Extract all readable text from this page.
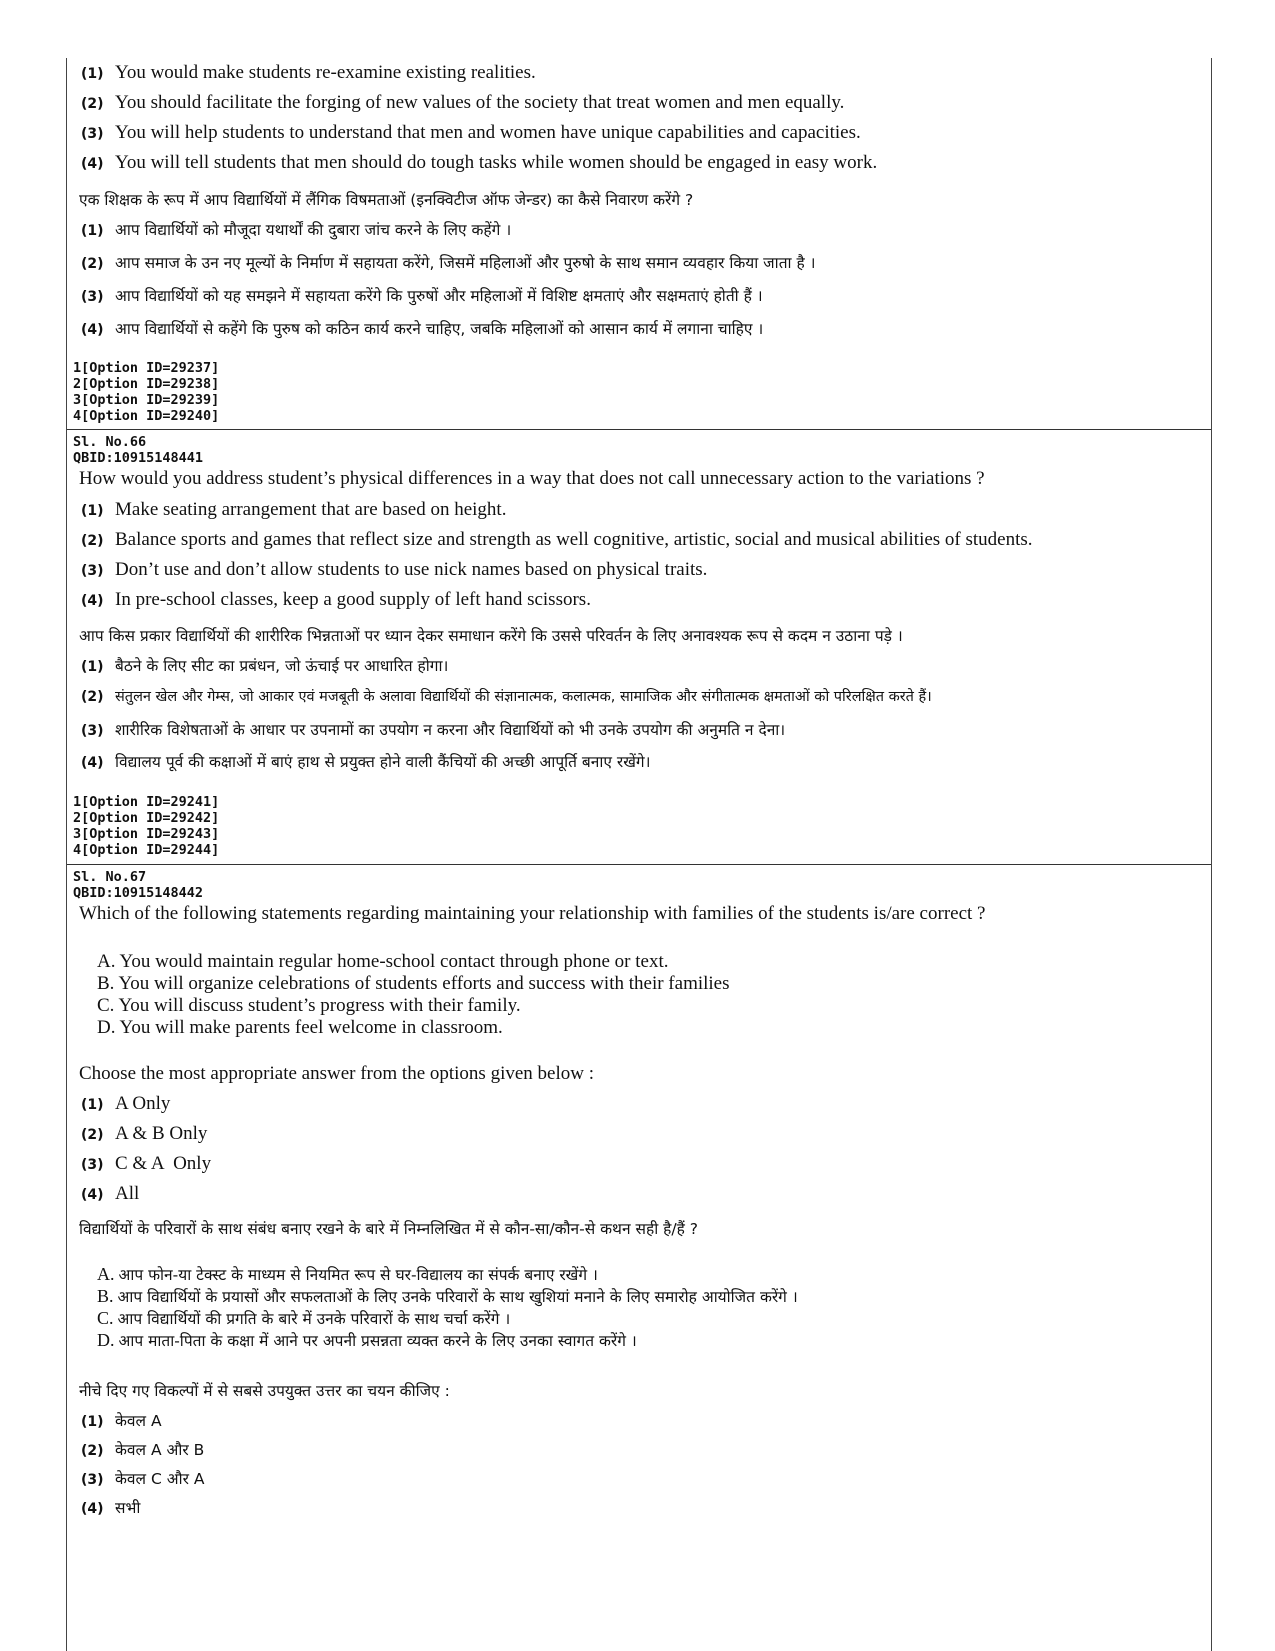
(1) You would make students re-examine existing realities.
(2) You should facilitate the forging of new values of the society that treat women and men equally.
(3) You will help students to understand that men and women have unique capabilities and capacities.
(4) You will tell students that men should do tough tasks while women should be engaged in easy work.
एक शिक्षक के रूप में आप विद्यार्थियों में लैंगिक विषमताओं (इनक्विटीज ऑफ जेन्डर) का कैसे निवारण करेंगे ?
(1) आप विद्यार्थियों को मौजूदा यथार्थों की दुबारा जांच करने के लिए कहेंगे ।
(2) आप समाज के उन नए मूल्यों के निर्माण में सहायता करेंगे, जिसमें महिलाओं और पुरुषो के साथ समान व्यवहार किया जाता है ।
(3) आप विद्यार्थियों को यह समझने में सहायता करेंगे कि पुरुषों और महिलाओं में विशिष्ट क्षमताएं और सक्षमताएं होती हैं ।
(4) आप विद्यार्थियों से कहेंगे कि पुरुष को कठिन कार्य करने चाहिए, जबकि महिलाओं को आसान कार्य में लगाना चाहिए ।
1[Option ID=29237]
2[Option ID=29238]
3[Option ID=29239]
4[Option ID=29240]
Sl. No.66
QBID:10915148441
How would you address student’s physical differences in a way that does not call unnecessary action to the variations ?
(1) Make seating arrangement that are based on height.
(2) Balance sports and games that reflect size and strength as well cognitive, artistic, social and musical abilities of students.
(3) Don’t use and don’t allow students to use nick names based on physical traits.
(4) In pre-school classes, keep a good supply of left hand scissors.
आप किस प्रकार विद्यार्थियों की शारीरिक भिन्नताओं पर ध्यान देकर समाधान करेंगे कि उससे परिवर्तन के लिए अनावश्यक रूप से कदम न उठाना पड़े ।
(1) बैठने के लिए सीट का प्रबंधन, जो ऊंचाई पर आधारित होगा।
(2) संतुलन खेल और गेम्स, जो आकार एवं मजबूती के अलावा विद्यार्थियों की संज्ञानात्मक, कलात्मक, सामाजिक और संगीतात्मक क्षमताओं को परिलक्षित करते हैं।
(3) शारीरिक विशेषताओं के आधार पर उपनामों का उपयोग न करना और विद्यार्थियों को भी उनके उपयोग की अनुमति न देना।
(4) विद्यालय पूर्व की कक्षाओं में बाएं हाथ से प्रयुक्त होने वाली कैंचियों की अच्छी आपूर्ति बनाए रखेंगे।
1[Option ID=29241]
2[Option ID=29242]
3[Option ID=29243]
4[Option ID=29244]
Sl. No.67
QBID:10915148442
Which of the following statements regarding maintaining your relationship with families of the students is/are correct ?
A. You would maintain regular home-school contact through phone or text.
B. You will organize celebrations of students efforts and success with their families
C. You will discuss student’s progress with their family.
D. You will make parents feel welcome in classroom.
Choose the most appropriate answer from the options given below :
(1) A Only
(2) A & B Only
(3) C & A  Only
(4) All
विद्यार्थियों के परिवारों के साथ संबंध बनाए रखने के बारे में निम्नलिखित में से कौन-सा/कौन-से कथन सही है/हैं ?
A. आप फोन-या टेक्स्ट के माध्यम से नियमित रूप से घर-विद्यालय का संपर्क बनाए रखेंगे ।
B. आप विद्यार्थियों के प्रयासों और सफलताओं के लिए उनके परिवारों के साथ खुशियां मनाने के लिए समारोह आयोजित करेंगे ।
C. आप विद्यार्थियों की प्रगति के बारे में उनके परिवारों के साथ चर्चा करेंगे ।
D. आप माता-पिता के कक्षा में आने पर अपनी प्रसन्नता व्यक्त करने के लिए उनका स्वागत करेंगे ।
नीचे दिए गए विकल्पों में से सबसे उपयुक्त उत्तर का चयन कीजिए :
(1) केवल A
(2) केवल A और B
(3) केवल C और A
(4) सभी
